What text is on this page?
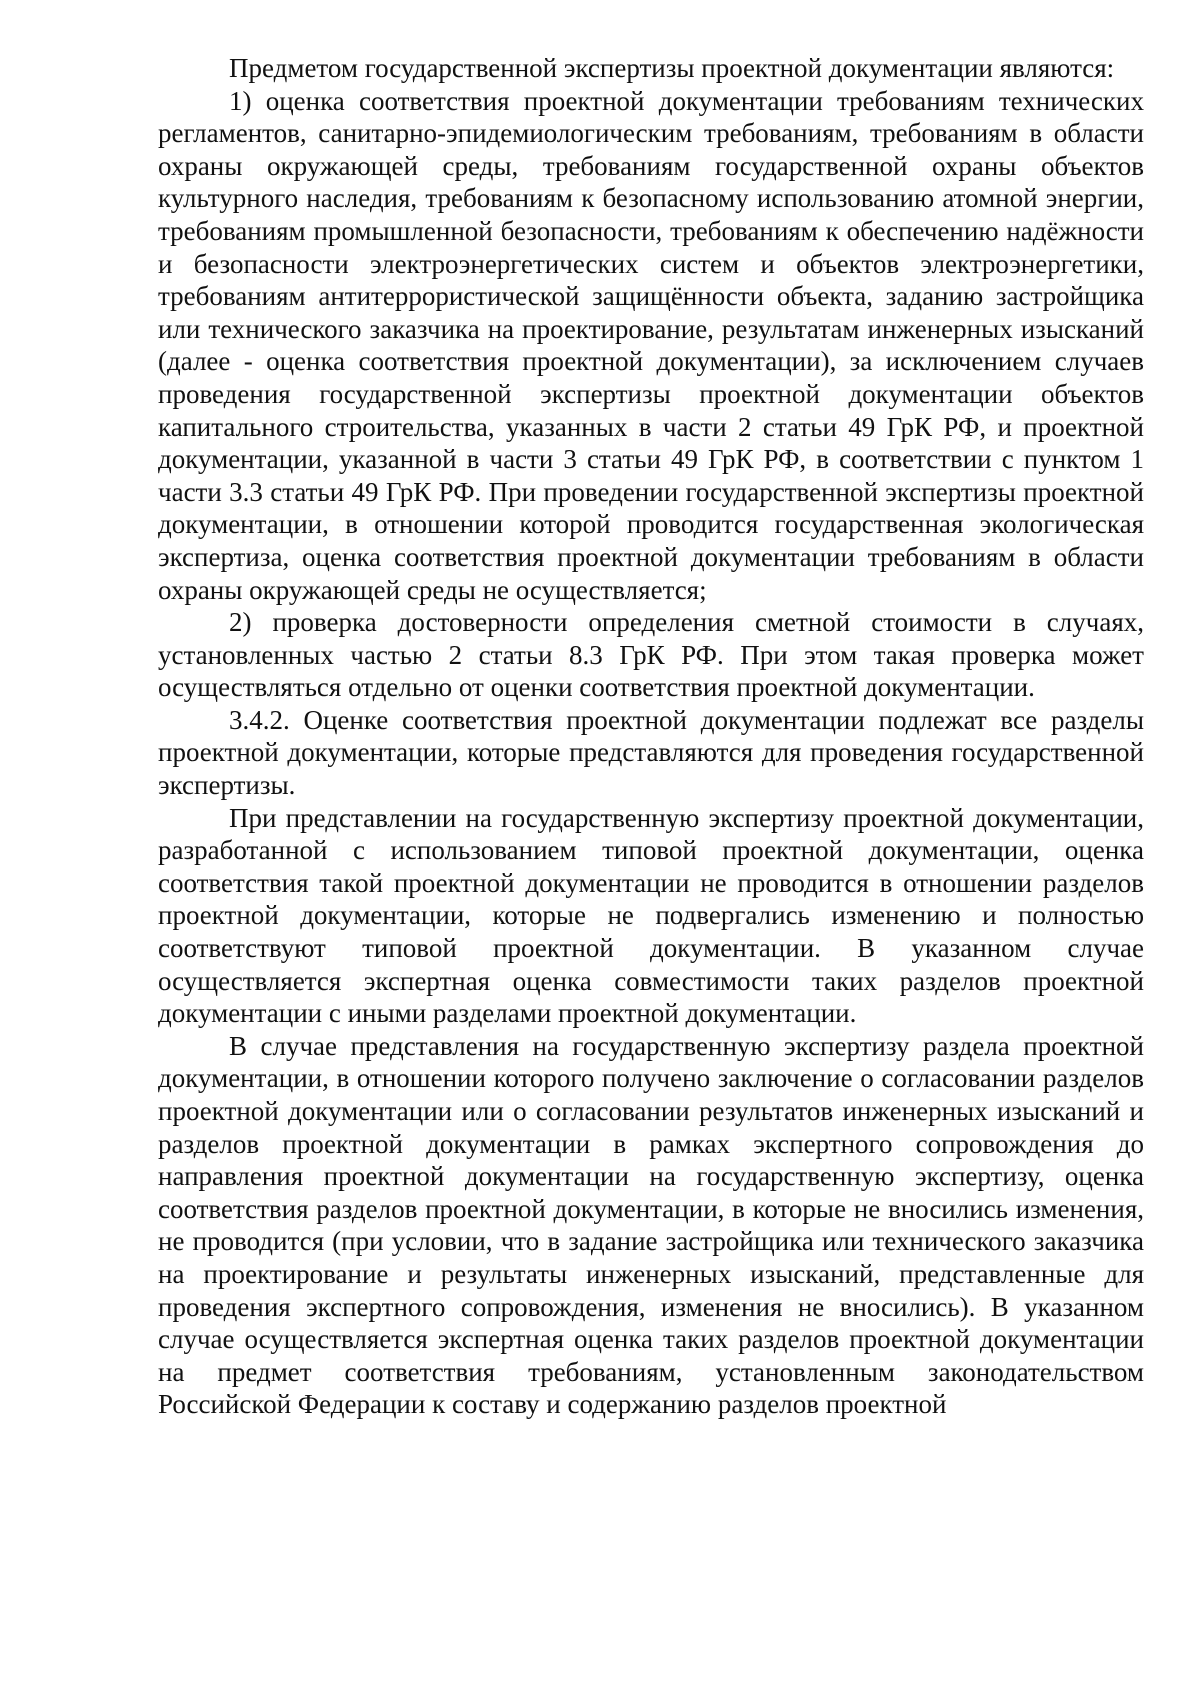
Предметом государственной экспертизы проектной документации являются:

1) оценка соответствия проектной документации требованиям технических регламентов, санитарно-эпидемиологическим требованиям, требованиям в области охраны окружающей среды, требованиям государственной охраны объектов культурного наследия, требованиям к безопасному использованию атомной энергии, требованиям промышленной безопасности, требованиям к обеспечению надёжности и безопасности электроэнергетических систем и объектов электроэнергетики, требованиям антитеррористической защищённости объекта, заданию застройщика или технического заказчика на проектирование, результатам инженерных изысканий (далее - оценка соответствия проектной документации), за исключением случаев проведения государственной экспертизы проектной документации объектов капитального строительства, указанных в части 2 статьи 49 ГрК РФ, и проектной документации, указанной в части 3 статьи 49 ГрК РФ, в соответствии с пунктом 1 части 3.3 статьи 49 ГрК РФ. При проведении государственной экспертизы проектной документации, в отношении которой проводится государственная экологическая экспертиза, оценка соответствия проектной документации требованиям в области охраны окружающей среды не осуществляется;

2) проверка достоверности определения сметной стоимости в случаях, установленных частью 2 статьи 8.3 ГрК РФ. При этом такая проверка может осуществляться отдельно от оценки соответствия проектной документации.

3.4.2. Оценке соответствия проектной документации подлежат все разделы проектной документации, которые представляются для проведения государственной экспертизы.

При представлении на государственную экспертизу проектной документации, разработанной с использованием типовой проектной документации, оценка соответствия такой проектной документации не проводится в отношении разделов проектной документации, которые не подвергались изменению и полностью соответствуют типовой проектной документации. В указанном случае осуществляется экспертная оценка совместимости таких разделов проектной документации с иными разделами проектной документации.

В случае представления на государственную экспертизу раздела проектной документации, в отношении которого получено заключение о согласовании разделов проектной документации или о согласовании результатов инженерных изысканий и разделов проектной документации в рамках экспертного сопровождения до направления проектной документации на государственную экспертизу, оценка соответствия разделов проектной документации, в которые не вносились изменения, не проводится (при условии, что в задание застройщика или технического заказчика на проектирование и результаты инженерных изысканий, представленные для проведения экспертного сопровождения, изменения не вносились). В указанном случае осуществляется экспертная оценка таких разделов проектной документации на предмет соответствия требованиям, установленным законодательством Российской Федерации к составу и содержанию разделов проектной
